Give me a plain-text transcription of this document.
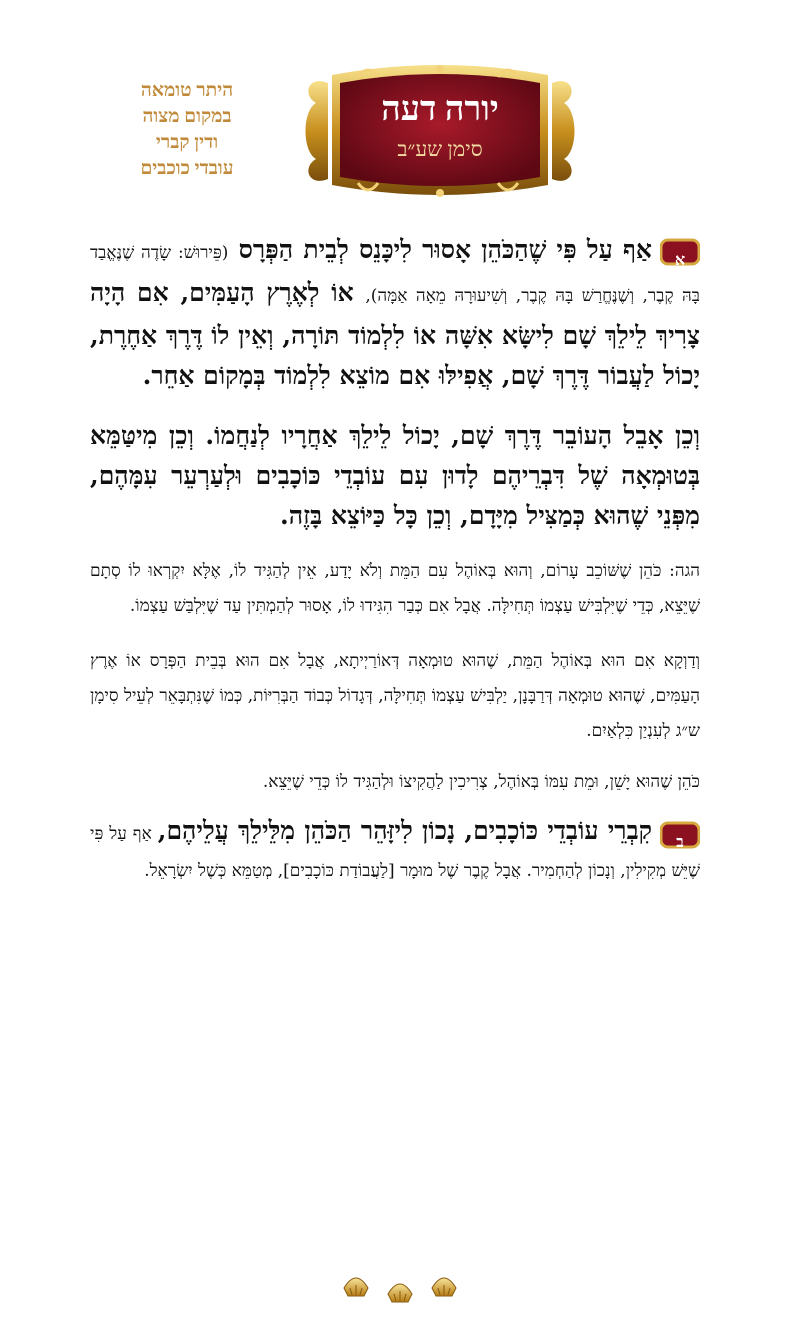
היתר טומאה
במקום מצוה
ודין קברי
עובדי כוכבים
יורה דעה
סימן שע״ב

א
אַף עַל פִּי שֶׁהַכֹּהֵן אָסוּר לִיכָּנֵס לְבֵית הַפְּרָס (פֵּירוּשׁ: שָׂדֶה שֶׁנֶּאֱבַד בָּהּ קֶבֶר, וְשֶׁנֶּחֱרַשׁ בָּהּ קֶבֶר, וְשִׁיעוּרָהּ מֵאָה אַמָּה), אוֹ לְאֶרֶץ הָעַמִּים, אִם הָיָה צָרִיךְ לֵילֵךְ שָׁם לִישָּׂא אִשָּׁה אוֹ לִלְמוֹד תּוֹרָה, וְאֵין לוֹ דֶּרֶךְ אַחֶרֶת, יָכוֹל לַעֲבוֹר דֶּרֶךְ שָׁם, אֲפִילּוּ אִם מוֹצֵא לִלְמוֹד בְּמָקוֹם אַחֵר.

וְכֵן אָבֵל הָעוֹבֵר דֶּרֶךְ שָׁם, יָכוֹל לֵילֵךְ אַחֲרָיו לְנַחֲמוֹ. וְכֵן מִיטַּמֵּא בְּטוּמְאָה שֶׁל דִּבְרֵיהֶם לָדוּן עִם עוֹבְדֵי כּוֹכָבִים וּלְעַרְעֵר עִמָּהֶם, מִפְּנֵי שֶׁהוּא כְּמַצִּיל מִיָּדָם, וְכֵן כָּל כַּיּוֹצֵא בָּזֶה.

הגה: כֹּהֵן שֶׁשּׁוֹכֵב עָרוֹם, וְהוּא בְּאוֹהֶל עִם הַמֵּת וְלֹא יָדַע, אֵין לְהַגִּיד לוֹ, אֶלָּא יִקְרְאוּ לוֹ סְתָם שֶׁיֵּצֵא, כְּדֵי שֶׁיִּלְבִּישׁ עַצְמוֹ תְּחִילָּה. אֲבָל אִם כְּבַר הִגִּידוּ לוֹ, אָסוּר לְהַמְתִּין עַד שֶׁיִּלְבַּשׁ עַצְמוֹ.

וְדַוְקָא אִם הוּא בְּאוֹהֶל הַמֵּת, שֶׁהוּא טוּמְאָה דְּאוֹרַיְיתָא, אֲבָל אִם הוּא בְּבֵית הַפְּרָס אוֹ אֶרֶץ הָעַמִּים, שֶׁהוּא טוּמְאָה דְּרַבָּנָן, יַלְבִּישׁ עַצְמוֹ תְּחִילָּה, דְּגָדוֹל כְּבוֹד הַבְּרִיּוֹת, כְּמוֹ שֶׁנִּתְבָּאֵר לְעֵיל סִימָן ש״ג לְעִנְיַן כִּלְאַיִם.

כֹּהֵן שֶׁהוּא יָשֵׁן, וּמֵת עִמּוֹ בְּאוֹהֶל, צְרִיכִין לַהֲקִיצוֹ וּלְהַגִּיד לוֹ כְּדֵי שֶׁיֵּצֵא.

ב
קִבְרֵי עוֹבְדֵי כּוֹכָבִים, נָכוֹן לִיזָּהֵר הַכֹּהֵן מִלֵּילֵךְ עֲלֵיהֶם, אַף עַל פִּי שֶׁיֵּשׁ מְקִילִין, וְנָכוֹן לְהַחְמִיר. אֲבָל קֶבֶר שֶׁל מוּמָר [לַעֲבוֹדַת כּוֹכָבִים], מְטַמֵּא כְּשֶׁל יִשְׂרָאֵל.
